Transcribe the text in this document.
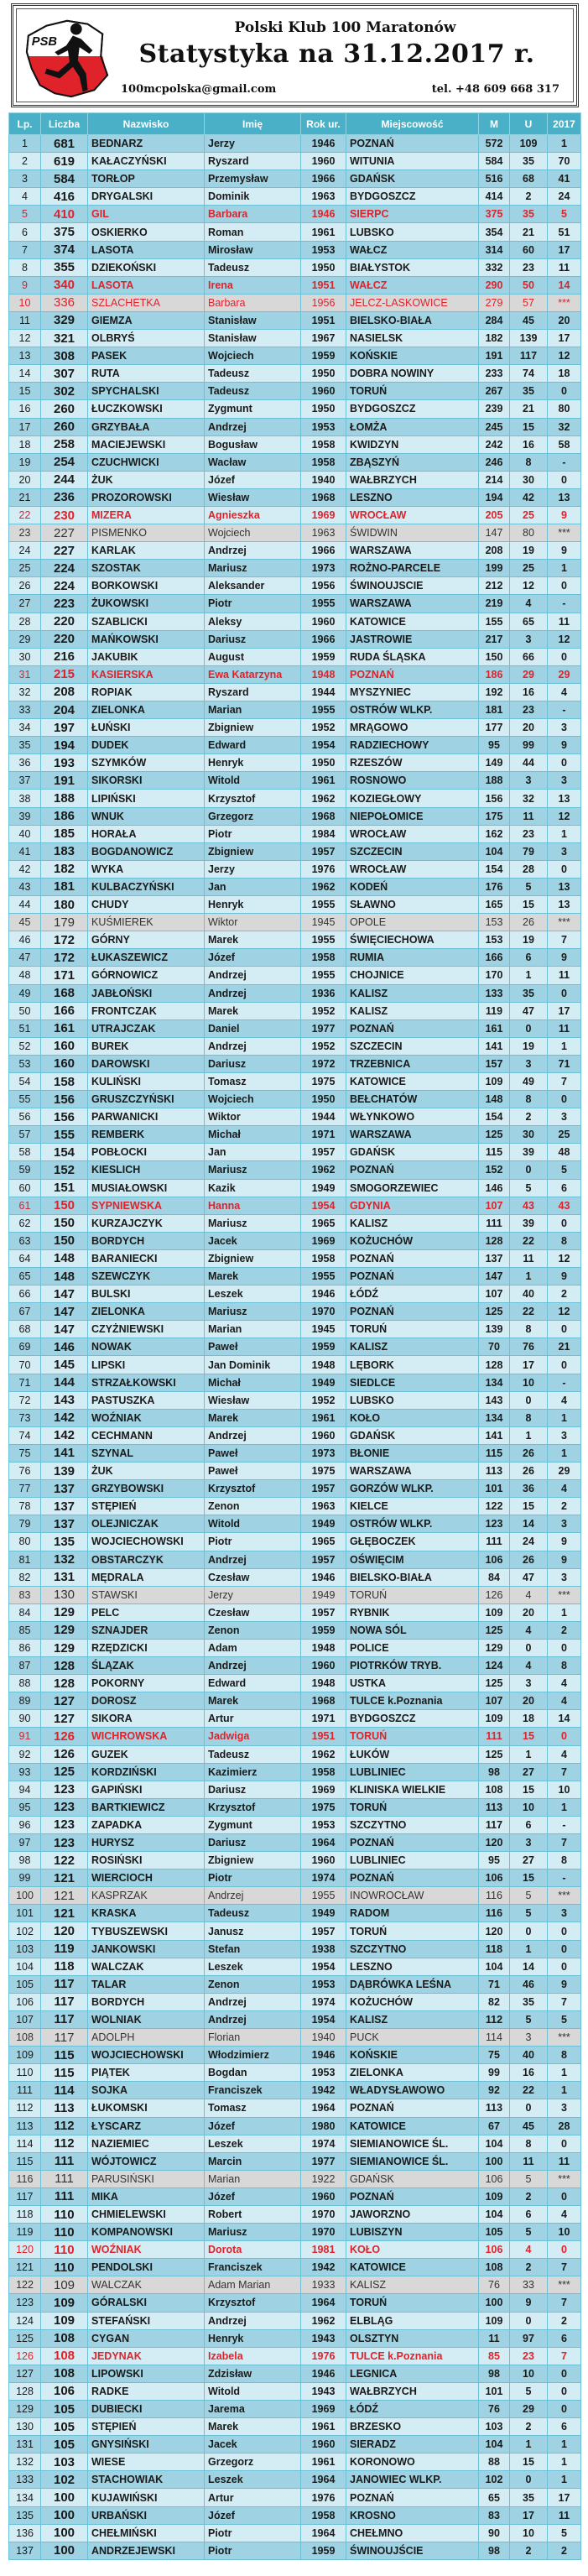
PSB
Polski Klub 100 Maratonów
Statystyka na 31.12.2017 r.
100mcpolska@gmail.com	tel. +48 609 668 317
Lp.	Liczba	Nazwisko	Imię	Rok ur.	Miejscowość	M	U	2017
1	681	BEDNARZ	Jerzy	1946	POZNAŃ	572	109	1
2	619	KAŁACZYŃSKI	Ryszard	1960	WITUNIA	584	35	70
3	584	TORŁOP	Przemysław	1966	GDAŃSK	516	68	41
4	416	DRYGALSKI	Dominik	1963	BYDGOSZCZ	414	2	24
5	410	GIL	Barbara	1946	SIERPC	375	35	5
6	375	OSKIERKO	Roman	1961	LUBSKO	354	21	51
7	374	LASOTA	Mirosław	1953	WAŁCZ	314	60	17
8	355	DZIEKOŃSKI	Tadeusz	1950	BIAŁYSTOK	332	23	11
9	340	LASOTA	Irena	1951	WAŁCZ	290	50	14
10	336	SZLACHETKA	Barbara	1956	JELCZ-LASKOWICE	279	57	***
11	329	GIEMZA	Stanisław	1951	BIELSKO-BIAŁA	284	45	20
12	321	OLBRYŚ	Stanisław	1967	NASIELSK	182	139	17
13	308	PASEK	Wojciech	1959	KOŃSKIE	191	117	12
14	307	RUTA	Tadeusz	1950	DOBRA NOWINY	233	74	18
15	302	SPYCHALSKI	Tadeusz	1960	TORUŃ	267	35	0
16	260	ŁUCZKOWSKI	Zygmunt	1950	BYDGOSZCZ	239	21	80
17	260	GRZYBAŁA	Andrzej	1953	ŁOMŻA	245	15	32
18	258	MACIEJEWSKI	Bogusław	1958	KWIDZYN	242	16	58
19	254	CZUCHWICKI	Wacław	1958	ZBĄSZYŃ	246	8	-
20	244	ŻUK	Józef	1940	WAŁBRZYCH	214	30	0
21	236	PROZOROWSKI	Wiesław	1968	LESZNO	194	42	13
22	230	MIZERA	Agnieszka	1969	WROCŁAW	205	25	9
23	227	PISMENKO	Wojciech	1963	ŚWIDWIN	147	80	***
24	227	KARLAK	Andrzej	1966	WARSZAWA	208	19	9
25	224	SZOSTAK	Mariusz	1973	ROŻNO-PARCELE	199	25	1
26	224	BORKOWSKI	Aleksander	1956	ŚWINOUJSCIE	212	12	0
27	223	ŻUKOWSKI	Piotr	1955	WARSZAWA	219	4	-
28	220	SZABLICKI	Aleksy	1960	KATOWICE	155	65	11
29	220	MAŃKOWSKI	Dariusz	1966	JASTROWIE	217	3	12
30	216	JAKUBIK	August	1959	RUDA ŚLĄSKA	150	66	0
31	215	KASIERSKA	Ewa Katarzyna	1948	POZNAŃ	186	29	29
32	208	ROPIAK	Ryszard	1944	MYSZYNIEC	192	16	4
33	204	ZIELONKA	Marian	1955	OSTRÓW WLKP.	181	23	-
34	197	ŁUŃSKI	Zbigniew	1952	MRĄGOWO	177	20	3
35	194	DUDEK	Edward	1954	RADZIECHOWY	95	99	9
36	193	SZYMKÓW	Henryk	1950	RZESZÓW	149	44	0
37	191	SIKORSKI	Witold	1961	ROSNOWO	188	3	3
38	188	LIPIŃSKI	Krzysztof	1962	KOZIEGŁOWY	156	32	13
39	186	WNUK	Grzegorz	1968	NIEPOŁOMICE	175	11	12
40	185	HORAŁA	Piotr	1984	WROCŁAW	162	23	1
41	183	BOGDANOWICZ	Zbigniew	1957	SZCZECIN	104	79	3
42	182	WYKA	Jerzy	1976	WROCŁAW	154	28	0
43	181	KULBACZYŃSKI	Jan	1962	KODEŃ	176	5	13
44	180	CHUDY	Henryk	1955	SŁAWNO	165	15	13
45	179	KUŚMIEREK	Wiktor	1945	OPOLE	153	26	***
46	172	GÓRNY	Marek	1955	ŚWIĘCIECHOWA	153	19	7
47	172	ŁUKASZEWICZ	Józef	1958	RUMIA	166	6	9
48	171	GÓRNOWICZ	Andrzej	1955	CHOJNICE	170	1	11
49	168	JABŁOŃSKI	Andrzej	1936	KALISZ	133	35	0
50	166	FRONTCZAK	Marek	1952	KALISZ	119	47	17
51	161	UTRAJCZAK	Daniel	1977	POZNAŃ	161	0	11
52	160	BUREK	Andrzej	1952	SZCZECIN	141	19	1
53	160	DAROWSKI	Dariusz	1972	TRZEBNICA	157	3	71
54	158	KULIŃSKI	Tomasz	1975	KATOWICE	109	49	7
55	156	GRUSZCZYŃSKI	Wojciech	1950	BEŁCHATÓW	148	8	0
56	156	PARWANICKI	Wiktor	1944	WŁYNKOWO	154	2	3
57	155	REMBERK	Michał	1971	WARSZAWA	125	30	25
58	154	POBŁOCKI	Jan	1957	GDAŃSK	115	39	48
59	152	KIESLICH	Mariusz	1962	POZNAŃ	152	0	5
60	151	MUSIAŁOWSKI	Kazik	1949	SMOGORZEWIEC	146	5	6
61	150	SYPNIEWSKA	Hanna	1954	GDYNIA	107	43	43
62	150	KURZAJCZYK	Mariusz	1965	KALISZ	111	39	0
63	150	BORDYCH	Jacek	1969	KOŻUCHÓW	128	22	8
64	148	BARANIECKI	Zbigniew	1958	POZNAŃ	137	11	12
65	148	SZEWCZYK	Marek	1955	POZNAŃ	147	1	9
66	147	BULSKI	Leszek	1946	ŁÓDŹ	107	40	2
67	147	ZIELONKA	Mariusz	1970	POZNAŃ	125	22	12
68	147	CZYŻNIEWSKI	Marian	1945	TORUŃ	139	8	0
69	146	NOWAK	Paweł	1959	KALISZ	70	76	21
70	145	LIPSKI	Jan Dominik	1948	LĘBORK	128	17	0
71	144	STRZAŁKOWSKI	Michał	1949	SIEDLCE	134	10	-
72	143	PASTUSZKA	Wiesław	1952	LUBSKO	143	0	4
73	142	WOŹNIAK	Marek	1961	KOŁO	134	8	1
74	142	CECHMANN	Andrzej	1960	GDAŃSK	141	1	3
75	141	SZYNAL	Paweł	1973	BŁONIE	115	26	1
76	139	ŻUK	Paweł	1975	WARSZAWA	113	26	29
77	137	GRZYBOWSKI	Krzysztof	1957	GORZÓW WLKP.	101	36	4
78	137	STĘPIEŃ	Zenon	1963	KIELCE	122	15	2
79	137	OLEJNICZAK	Witold	1949	OSTRÓW WLKP.	123	14	3
80	135	WOJCIECHOWSKI	Piotr	1965	GŁĘBOCZEK	111	24	9
81	132	OBSTARCZYK	Andrzej	1957	OŚWIĘCIM	106	26	9
82	131	MĘDRALA	Czesław	1946	BIELSKO-BIAŁA	84	47	3
83	130	STAWSKI	Jerzy	1949	TORUŃ	126	4	***
84	129	PELC	Czesław	1957	RYBNIK	109	20	1
85	129	SZNAJDER	Zenon	1959	NOWA SÓL	125	4	2
86	129	RZĘDZICKI	Adam	1948	POLICE	129	0	0
87	128	ŚLĄZAK	Andrzej	1960	PIOTRKÓW TRYB.	124	4	8
88	128	POKORNY	Edward	1948	USTKA	125	3	4
89	127	DOROSZ	Marek	1968	TULCE k.Poznania	107	20	4
90	127	SIKORA	Artur	1971	BYDGOSZCZ	109	18	14
91	126	WICHROWSKA	Jadwiga	1951	TORUŃ	111	15	0
92	126	GUZEK	Tadeusz	1962	ŁUKÓW	125	1	4
93	125	KORDZIŃSKI	Kazimierz	1958	LUBLINIEC	98	27	7
94	123	GAPIŃSKI	Dariusz	1969	KLINISKA WIELKIE	108	15	10
95	123	BARTKIEWICZ	Krzysztof	1975	TORUŃ	113	10	1
96	123	ZAPADKA	Zygmunt	1953	SZCZYTNO	117	6	-
97	123	HURYSZ	Dariusz	1964	POZNAŃ	120	3	7
98	122	ROSIŃSKI	Zbigniew	1960	LUBLINIEC	95	27	8
99	121	WIERCIOCH	Piotr	1974	POZNAŃ	106	15	-
100	121	KASPRZAK	Andrzej	1955	INOWROCŁAW	116	5	***
101	121	KRASKA	Tadeusz	1949	RADOM	116	5	3
102	120	TYBUSZEWSKI	Janusz	1957	TORUŃ	120	0	0
103	119	JANKOWSKI	Stefan	1938	SZCZYTNO	118	1	0
104	118	WALCZAK	Leszek	1954	LESZNO	104	14	0
105	117	TALAR	Zenon	1953	DĄBRÓWKA LEŚNA	71	46	9
106	117	BORDYCH	Andrzej	1974	KOŻUCHÓW	82	35	7
107	117	WOLNIAK	Andrzej	1954	KALISZ	112	5	5
108	117	ADOLPH	Florian	1940	PUCK	114	3	***
109	115	WOJCIECHOWSKI	Włodzimierz	1946	KOŃSKIE	75	40	8
110	115	PIĄTEK	Bogdan	1953	ZIELONKA	99	16	1
111	114	SOJKA	Franciszek	1942	WŁADYSŁAWOWO	92	22	1
112	113	ŁUKOMSKI	Tomasz	1964	POZNAŃ	113	0	3
113	112	ŁYSCARZ	Józef	1980	KATOWICE	67	45	28
114	112	NAZIEMIEC	Leszek	1974	SIEMIANOWICE ŚL.	104	8	0
115	111	WÓJTOWICZ	Marcin	1977	SIEMIANOWICE ŚL.	100	11	11
116	111	PARUSIŃSKI	Marian	1922	GDAŃSK	106	5	***
117	111	MIKA	Józef	1960	POZNAŃ	109	2	0
118	110	CHMIELEWSKI	Robert	1970	JAWORZNO	104	6	4
119	110	KOMPANOWSKI	Mariusz	1970	LUBISZYN	105	5	10
120	110	WOŹNIAK	Dorota	1981	KOŁO	106	4	0
121	110	PENDOLSKI	Franciszek	1942	KATOWICE	108	2	7
122	109	WALCZAK	Adam Marian	1933	KALISZ	76	33	***
123	109	GÓRALSKI	Krzysztof	1964	TORUŃ	100	9	7
124	109	STEFAŃSKI	Andrzej	1962	ELBLĄG	109	0	2
125	108	CYGAN	Henryk	1943	OLSZTYN	11	97	6
126	108	JEDYNAK	Izabela	1976	TULCE k.Poznania	85	23	7
127	108	LIPOWSKI	Zdzisław	1946	LEGNICA	98	10	0
128	106	RADKE	Witold	1943	WAŁBRZYCH	101	5	0
129	105	DUBIECKI	Jarema	1969	ŁÓDŹ	76	29	0
130	105	STĘPIEŃ	Marek	1961	BRZESKO	103	2	6
131	105	GNYSIŃSKI	Jacek	1960	SIERADZ	104	1	1
132	103	WIESE	Grzegorz	1961	KORONOWO	88	15	1
133	102	STACHOWIAK	Leszek	1964	JANOWIEC WLKP.	102	0	1
134	100	KUJAWIŃSKI	Artur	1976	POZNAŃ	65	35	17
135	100	URBAŃSKI	Józef	1958	KROSNO	83	17	11
136	100	CHEŁMIŃSKI	Piotr	1964	CHEŁMNO	90	10	5
137	100	ANDRZEJEWSKI	Piotr	1959	ŚWINOUJŚCIE	98	2	2
